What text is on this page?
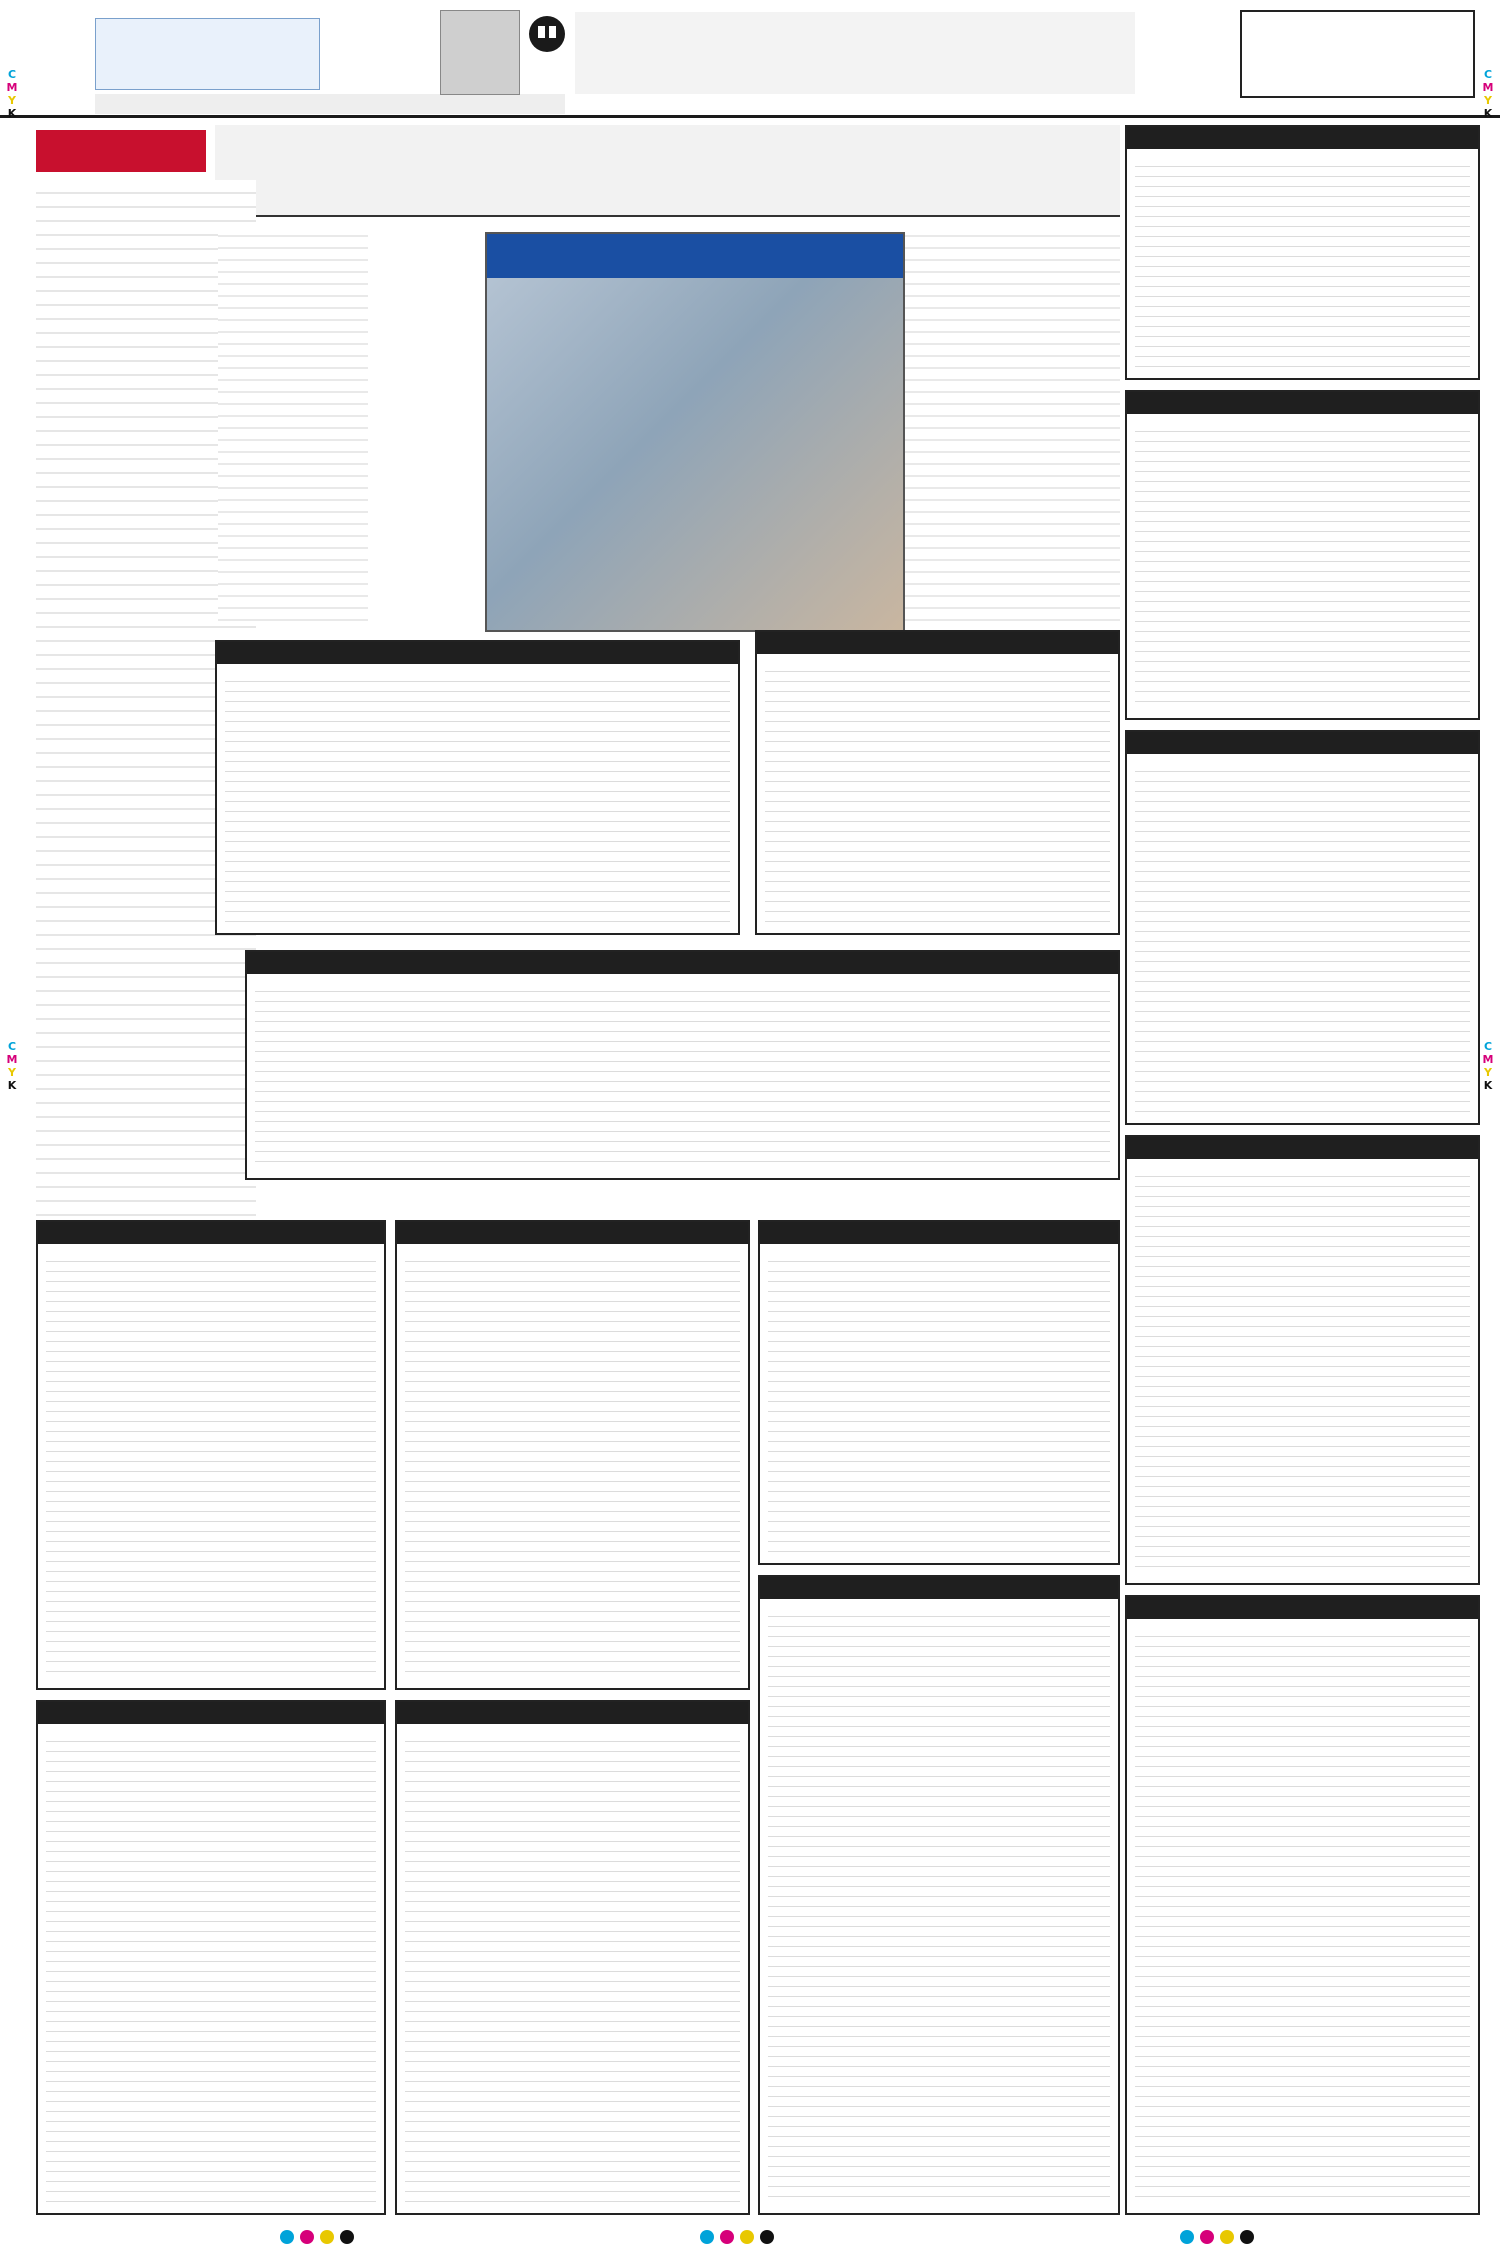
C
M
Y
K
C
M
Y
K
C
M
Y
K
C
M
Y
K
